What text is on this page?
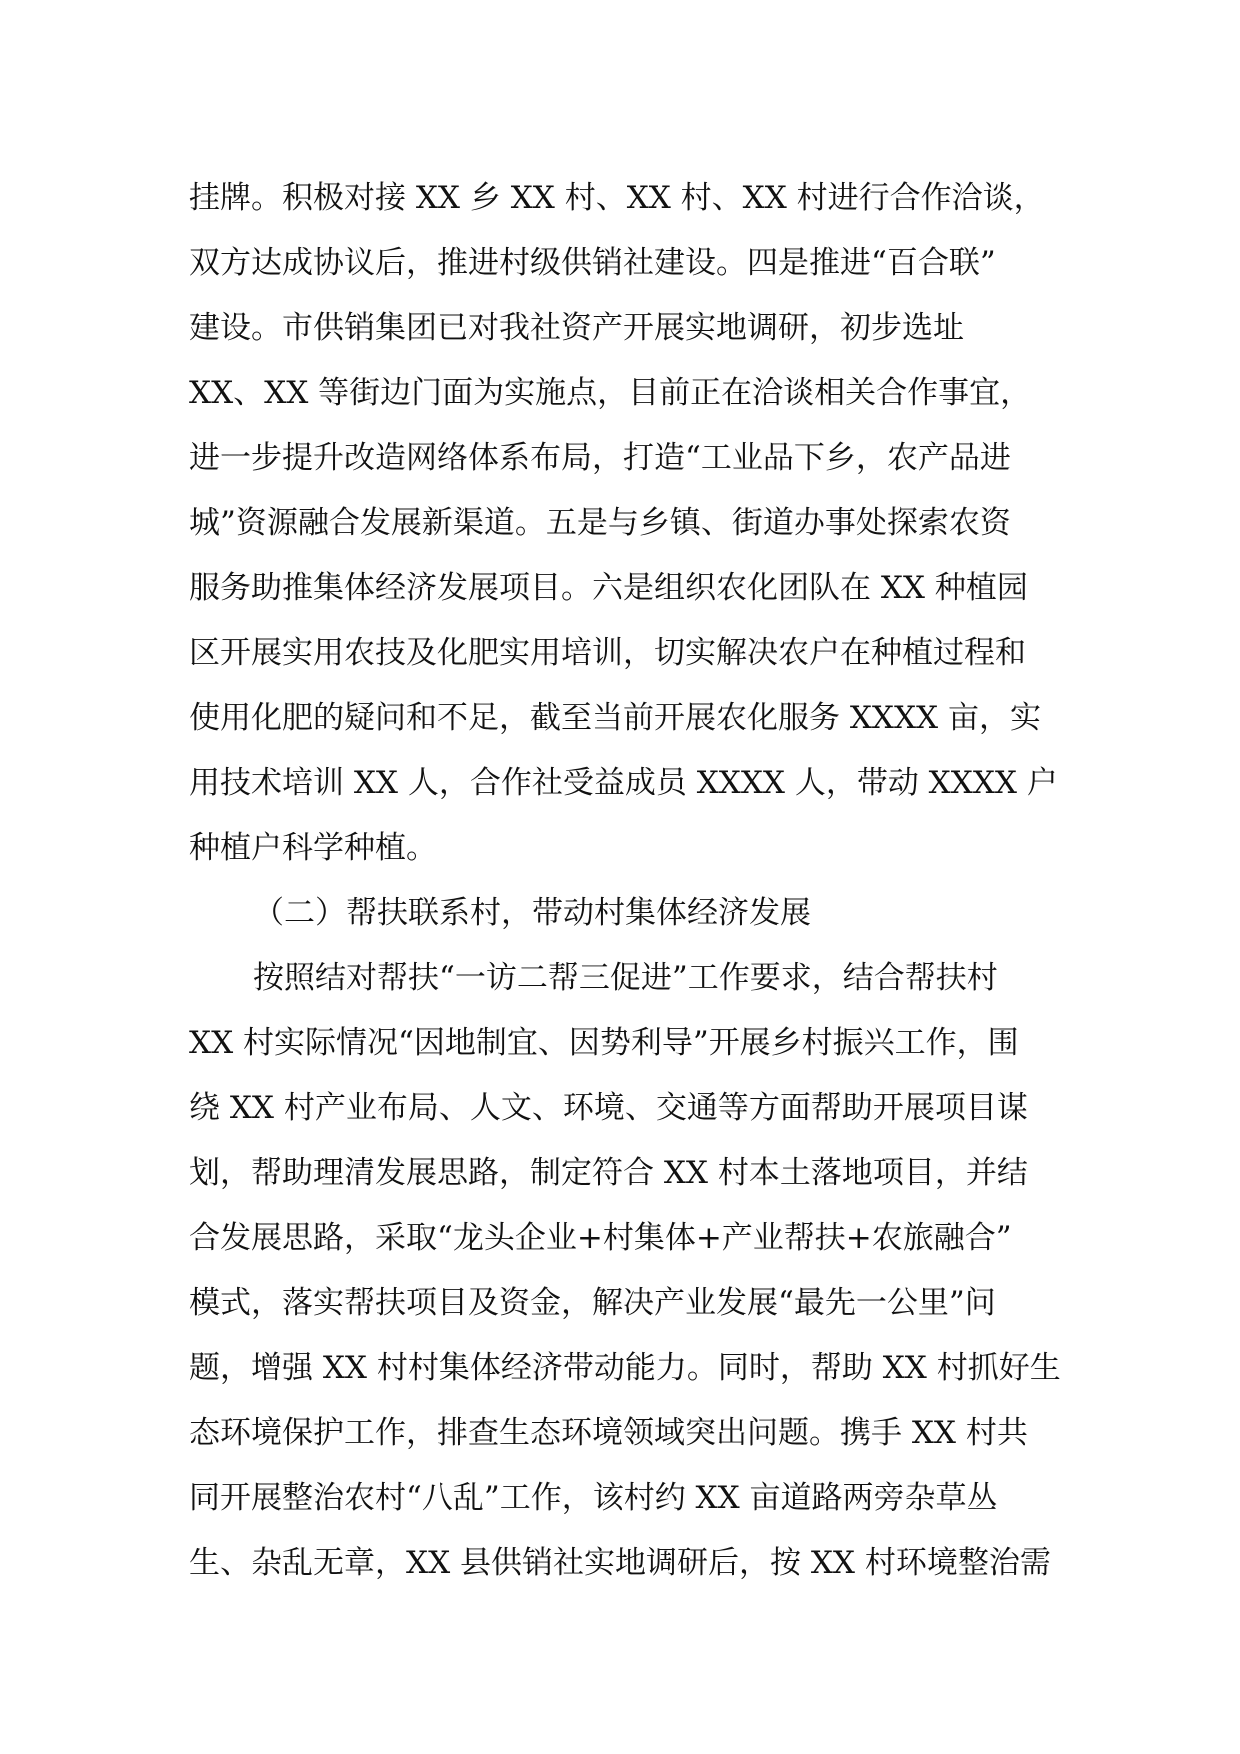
挂牌。积极对接 XX 乡 XX 村、XX 村、XX 村进行合作洽谈，
双方达成协议后，推进村级供销社建设。四是推进“百合联”
建设。市供销集团已对我社资产开展实地调研，初步选址
XX、XX 等街边门面为实施点，目前正在洽谈相关合作事宜，
进一步提升改造网络体系布局，打造“工业品下乡，农产品进
城”资源融合发展新渠道。五是与乡镇、街道办事处探索农资
服务助推集体经济发展项目。六是组织农化团队在 XX 种植园
区开展实用农技及化肥实用培训，切实解决农户在种植过程和
使用化肥的疑问和不足，截至当前开展农化服务 XXXX 亩，实
用技术培训 XX 人，合作社受益成员 XXXX 人，带动 XXXX 户
种植户科学种植。
（二）帮扶联系村，带动村集体经济发展
按照结对帮扶“一访二帮三促进”工作要求，结合帮扶村
XX 村实际情况“因地制宜、因势利导”开展乡村振兴工作，围
绕 XX 村产业布局、人文、环境、交通等方面帮助开展项目谋
划，帮助理清发展思路，制定符合 XX 村本土落地项目，并结
合发展思路，采取“龙头企业+村集体+产业帮扶+农旅融合”
模式，落实帮扶项目及资金，解决产业发展“最先一公里”问
题，增强 XX 村村集体经济带动能力。同时，帮助 XX 村抓好生
态环境保护工作，排查生态环境领域突出问题。携手 XX 村共
同开展整治农村“八乱”工作，该村约 XX 亩道路两旁杂草丛
生、杂乱无章，XX 县供销社实地调研后，按 XX 村环境整治需
